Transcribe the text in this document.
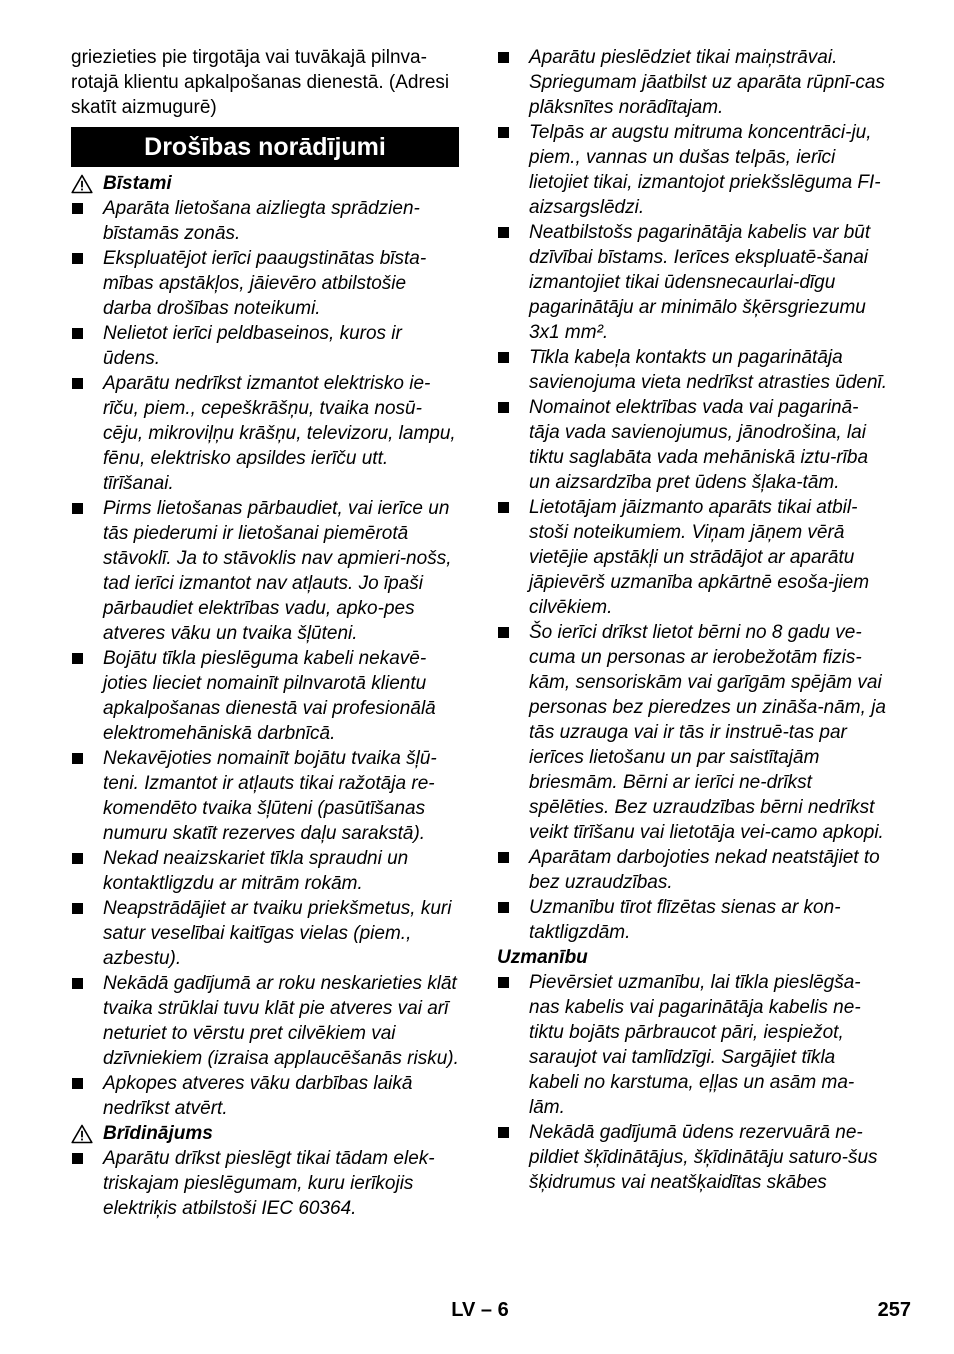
griezieties pie tirgotāja vai tuvākajā pilnva-rotajā klientu apkalpošanas dienestā. (Adresi skatīt aizmugurē)
Drošības norādījumi
Bīstami
Aparāta lietošana aizliegta sprādzien-bīstamās zonās.
Ekspluatējot ierīci paaugstinātas bīsta-mības apstākļos, jāievēro atbilstošie darba drošības noteikumi.
Nelietot ierīci peldbaseinos, kuros ir ūdens.
Aparātu nedrīkst izmantot elektrisko ie-rīču, piem., cepeškrāšņu, tvaika nosū-cēju, mikroviļņu krāšņu, televizoru, lampu, fēnu, elektrisko apsildes ierīču utt. tīrīšanai.
Pirms lietošanas pārbaudiet, vai ierīce un tās piederumi ir lietošanai piemērotā stāvoklī. Ja to stāvoklis nav apmieri-nošs, tad ierīci izmantot nav atļauts. Jo īpaši pārbaudiet elektrības vadu, apko-pes atveres vāku un tvaika šļūteni.
Bojātu tīkla pieslēguma kabeli nekavē-joties lieciet nomainīt pilnvarotā klientu apkalpošanas dienestā vai profesionālā elektromehāniskā darbnīcā.
Nekavējoties nomainīt bojātu tvaika šļū-teni. Izmantot ir atļauts tikai ražotāja re-komendēto tvaika šļūteni (pasūtīšanas numuru skatīt rezerves daļu sarakstā).
Nekad neaizskariet tīkla spraudni un kontaktligzdu ar mitrām rokām.
Neapstrādājiet ar tvaiku priekšmetus, kuri satur veselībai kaitīgas vielas (piem., azbestu).
Nekādā gadījumā ar roku neskarieties klāt tvaika strūklai tuvu klāt pie atveres vai arī neturiet to vērstu pret cilvēkiem vai dzīvniekiem (izraisa applaucēšanās risku).
Apkopes atveres vāku darbības laikā nedrīkst atvērt.
Brīdinājums
Aparātu drīkst pieslēgt tikai tādam elek-triskajam pieslēgumam, kuru ierīkojis elektriķis atbilstoši IEC 60364.
Aparātu pieslēdziet tikai maiņstrāvai. Spriegumam jāatbilst uz aparāta rūpnī-cas plāksnītes norādītajam.
Telpās ar augstu mitruma koncentrāci-ju, piem., vannas un dušas telpās, ierīci lietojiet tikai, izmantojot priekšslēguma FI-aizsargslēdzi.
Neatbilstošs pagarinātāja kabelis var būt dzīvībai bīstams. Ierīces ekspluatē-šanai izmantojiet tikai ūdensnecaurlai-dīgu pagarinātāju ar minimālo šķērsgriezumu 3x1 mm².
Tīkla kabeļa kontakts un pagarinātāja savienojuma vieta nedrīkst atrasties ūdenī.
Nomainot elektrības vada vai pagarinā-tāja vada savienojumus, jānodrošina, lai tiktu saglabāta vada mehāniskā iztu-rība un aizsardzība pret ūdens šļaka-tām.
Lietotājam jāizmanto aparāts tikai atbil-stoši noteikumiem. Viņam jāņem vērā vietējie apstākļi un strādājot ar aparātu jāpievērš uzmanība apkārtnē esoša-jiem cilvēkiem.
Šo ierīci drīkst lietot bērni no 8 gadu ve-cuma un personas ar ierobežotām fizis-kām, sensoriskām vai garīgām spējām vai personas bez pieredzes un zināša-nām, ja tās uzrauga vai ir tās ir instruē-tas par ierīces lietošanu un par saistītajām briesmām. Bērni ar ierīci ne-drīkst spēlēties. Bez uzraudzības bērni nedrīkst veikt tīrīšanu vai lietotāja vei-camo apkopi.
Aparātam darbojoties nekad neatstājiet to bez uzraudzības.
Uzmanību tīrot flīzētas sienas ar kon-taktligzdām.
Uzmanību
Pievērsiet uzmanību, lai tīkla pieslēgša-nas kabelis vai pagarinātāja kabelis ne-tiktu bojāts pārbraucot pāri, iespiežot, saraujot vai tamlīdzīgi. Sargājiet tīkla kabeli no karstuma, eļļas un asām ma-lām.
Nekādā gadījumā ūdens rezervuārā ne-pildiet šķīdinātājus, šķīdinātāju saturo-šus šķidrumus vai neatšķaidītas skābes
LV – 6	257
